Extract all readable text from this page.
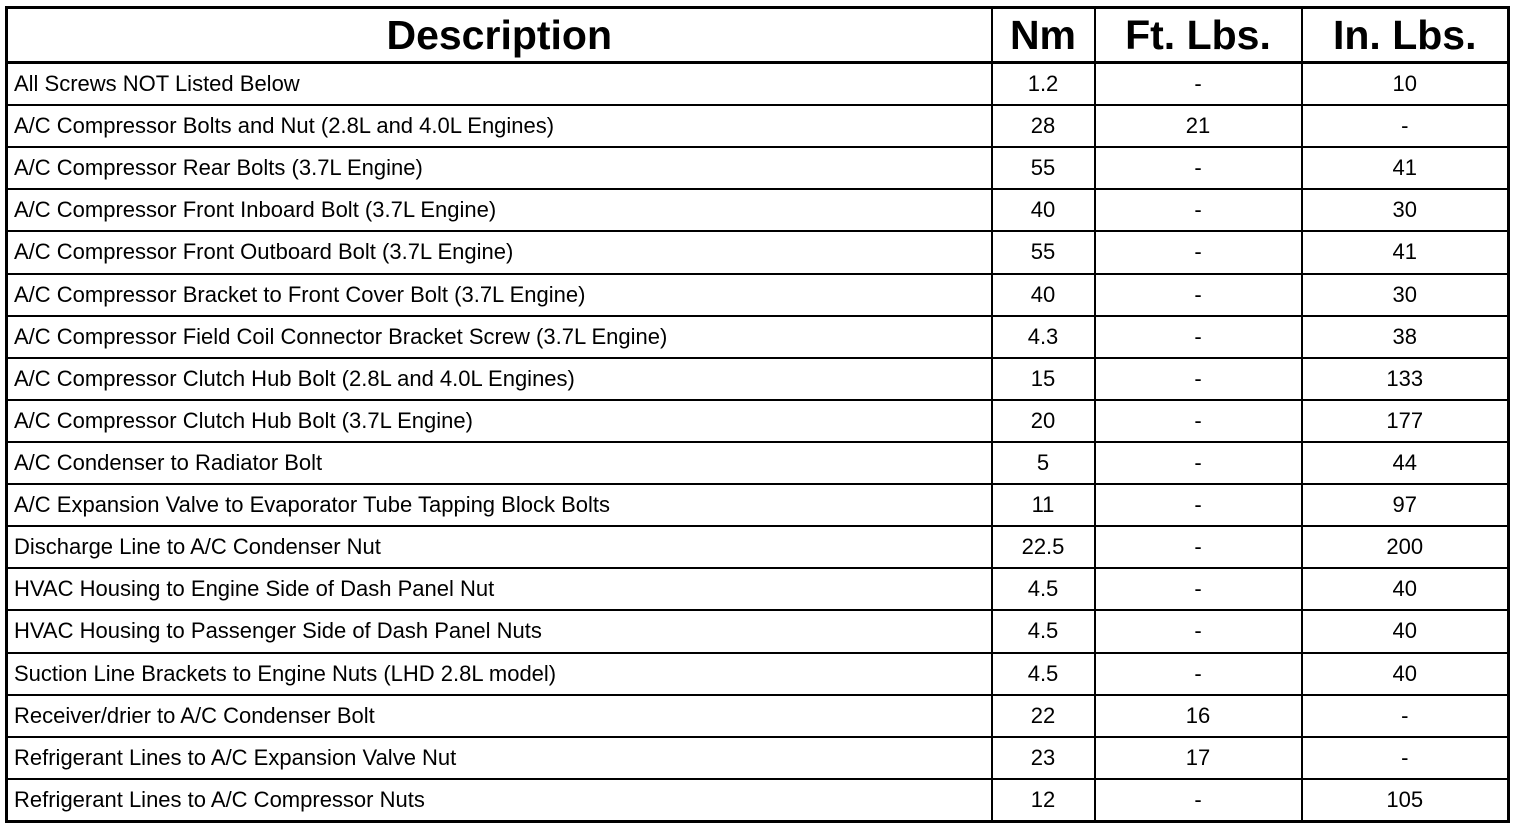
Description	Nm	Ft. Lbs.	In. Lbs.
All Screws NOT Listed Below	1.2	-	10
A/C Compressor Bolts and Nut (2.8L and 4.0L Engines)	28	21	-
A/C Compressor Rear Bolts (3.7L Engine)	55	-	41
A/C Compressor Front Inboard Bolt (3.7L Engine)	40	-	30
A/C Compressor Front Outboard Bolt (3.7L Engine)	55	-	41
A/C Compressor Bracket to Front Cover Bolt (3.7L Engine)	40	-	30
A/C Compressor Field Coil Connector Bracket Screw (3.7L Engine)	4.3	-	38
A/C Compressor Clutch Hub Bolt (2.8L and 4.0L Engines)	15	-	133
A/C Compressor Clutch Hub Bolt (3.7L Engine)	20	-	177
A/C Condenser to Radiator Bolt	5	-	44
A/C Expansion Valve to Evaporator Tube Tapping Block Bolts	11	-	97
Discharge Line to A/C Condenser Nut	22.5	-	200
HVAC Housing to Engine Side of Dash Panel Nut	4.5	-	40
HVAC Housing to Passenger Side of Dash Panel Nuts	4.5	-	40
Suction Line Brackets to Engine Nuts (LHD 2.8L model)	4.5	-	40
Receiver/drier to A/C Condenser Bolt	22	16	-
Refrigerant Lines to A/C Expansion Valve Nut	23	17	-
Refrigerant Lines to A/C Compressor Nuts	12	-	105
